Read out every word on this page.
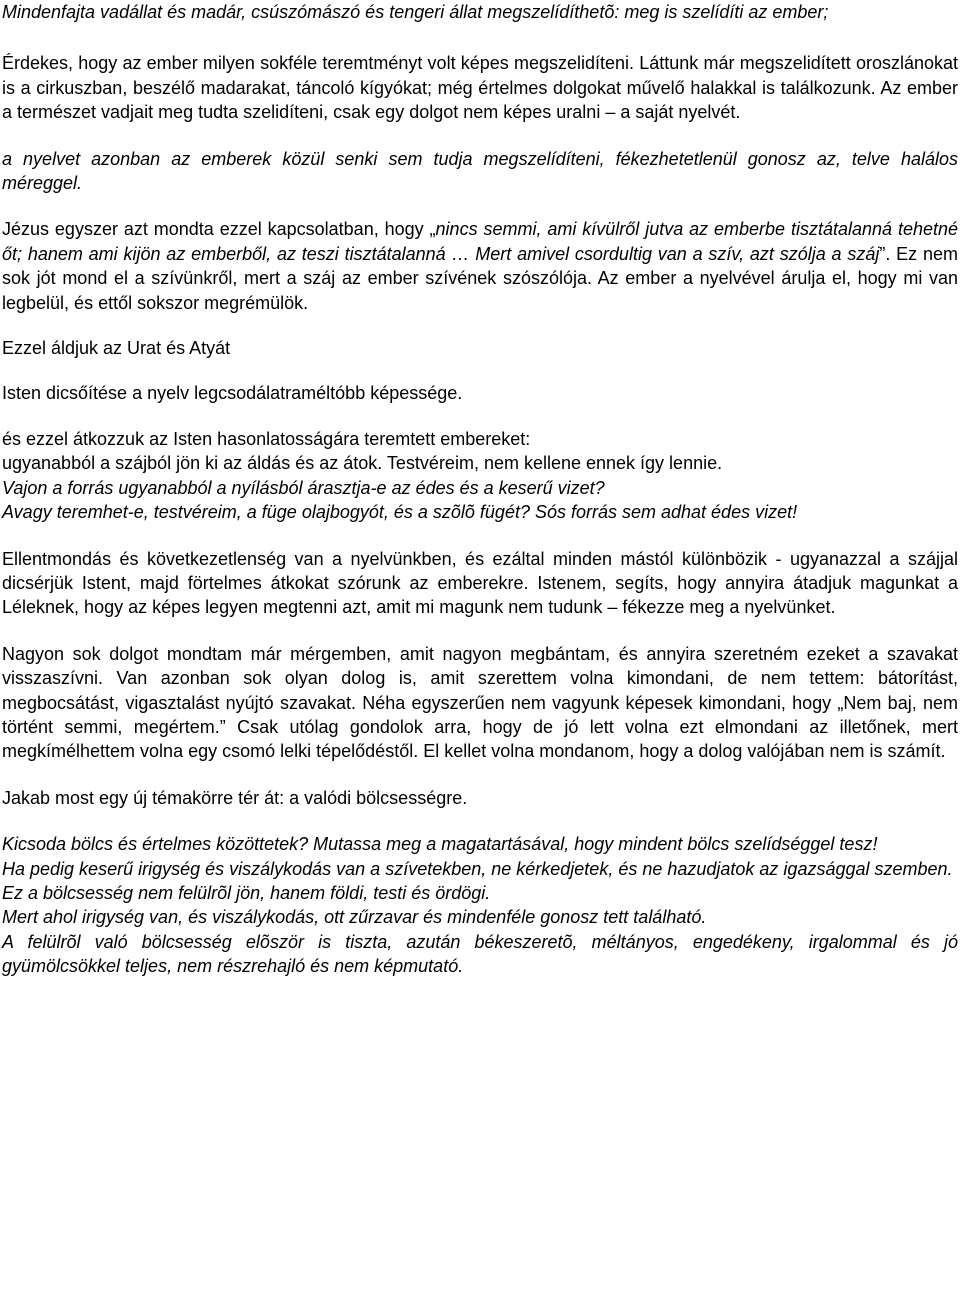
Mindenfajta vadállat és madár, csúszómászó és tengeri állat megszelídíthetõ: meg is szelídíti az ember;

Érdekes, hogy az ember milyen sokféle teremtményt volt képes megszelidíteni. Láttunk már megszelidített oroszlánokat is a cirkuszban, beszélő madarakat, táncoló kígyókat; még értelmes dolgokat művelő halakkal is találkozunk. Az ember a természet vadjait meg tudta szelidíteni, csak egy dolgot nem képes uralni – a saját nyelvét.

a nyelvet azonban az emberek közül senki sem tudja megszelídíteni, fékezhetetlenül gonosz az, telve halálos méreggel.

Jézus egyszer azt mondta ezzel kapcsolatban, hogy „nincs semmi, ami kívülről jutva az emberbe tisztátalanná tehetné őt; hanem ami kijön az emberből, az teszi tisztátalanná … Mert amivel csordultig van a szív, azt szólja a száj”. Ez nem sok jót mond el a szívünkről, mert a száj az ember szívének szószólója. Az ember a nyelvével árulja el, hogy mi van legbelül, és ettől sokszor megrémülök.

Ezzel áldjuk az Urat és Atyát

Isten dicsőítése a nyelv legcsodálatraméltóbb képessége.

és ezzel átkozzuk az Isten hasonlatosságára teremtett embereket:

ugyanabból a szájból jön ki az áldás és az átok. Testvéreim, nem kellene ennek így lennie.

Vajon a forrás ugyanabból a nyílásból árasztja-e az édes és a keserű vizet?

Avagy teremhet-e, testvéreim, a füge olajbogyót, és a szõlõ fügét? Sós forrás sem adhat édes vizet!

Ellentmondás és következetlenség van a nyelvünkben, és ezáltal minden mástól különbözik - ugyanazzal a szájjal dicsérjük Istent, majd förtelmes átkokat szórunk az emberekre. Istenem, segíts, hogy annyira átadjuk magunkat a Léleknek, hogy az képes legyen megtenni azt, amit mi magunk nem tudunk – fékezze meg a nyelvünket.

Nagyon sok dolgot mondtam már mérgemben, amit nagyon megbántam, és annyira szeretném ezeket a szavakat visszaszívni. Van azonban sok olyan dolog is, amit szerettem volna kimondani, de nem tettem: bátorítást, megbocsátást, vigasztalást nyújtó szavakat. Néha egyszerűen nem vagyunk képesek kimondani, hogy „Nem baj, nem történt semmi, megértem.” Csak utólag gondolok arra, hogy de jó lett volna ezt elmondani az illetőnek, mert megkímélhettem volna egy csomó lelki tépelődéstől. El kellet volna mondanom, hogy a dolog valójában nem is számít.

Jakab most egy új témakörre tér át: a valódi bölcsességre.

Kicsoda bölcs és értelmes közöttetek? Mutassa meg a magatartásával, hogy mindent bölcs szelídséggel tesz!

Ha pedig keserű irigység és viszálykodás van a szívetekben, ne kérkedjetek, és ne hazudjatok az igazsággal szemben.

Ez a bölcsesség nem felülrõl jön, hanem földi, testi és ördögi.

Mert ahol irigység van, és viszálykodás, ott zűrzavar és mindenféle gonosz tett található.

A felülrõl való bölcsesség elõször is tiszta, azután békeszeretõ, méltányos, engedékeny, irgalommal és jó gyümölcsökkel teljes, nem részrehajló és nem képmutató.
